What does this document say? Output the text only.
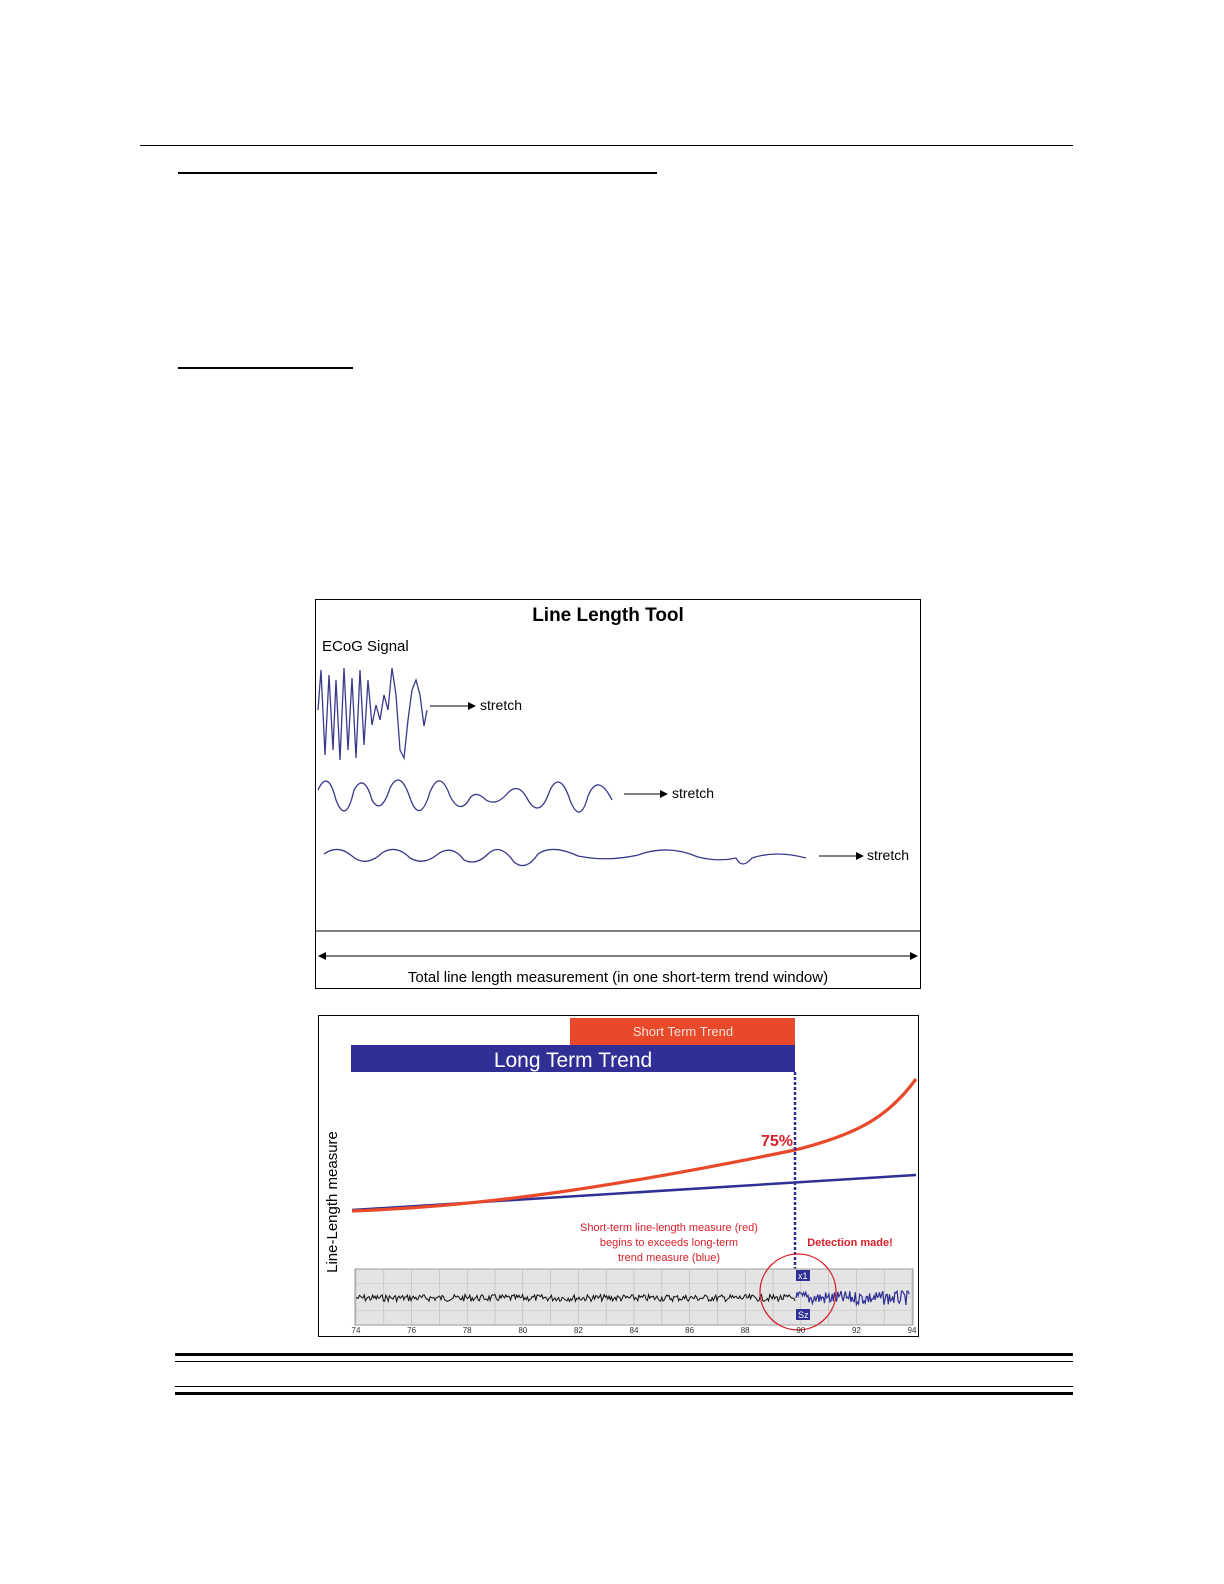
Line Length Tool
ECoG Signal
stretch
stretch
stretch
Total line length measurement (in one short-term trend window)
Short Term Trend
Long Term Trend
Line-Length measure	75%
Short-term line-length measure (red)
begins to exceeds long-term
trend measure (blue)
Detection made!
x1
Sz
74	76	78	80	82	84	86	88	90	92	94
